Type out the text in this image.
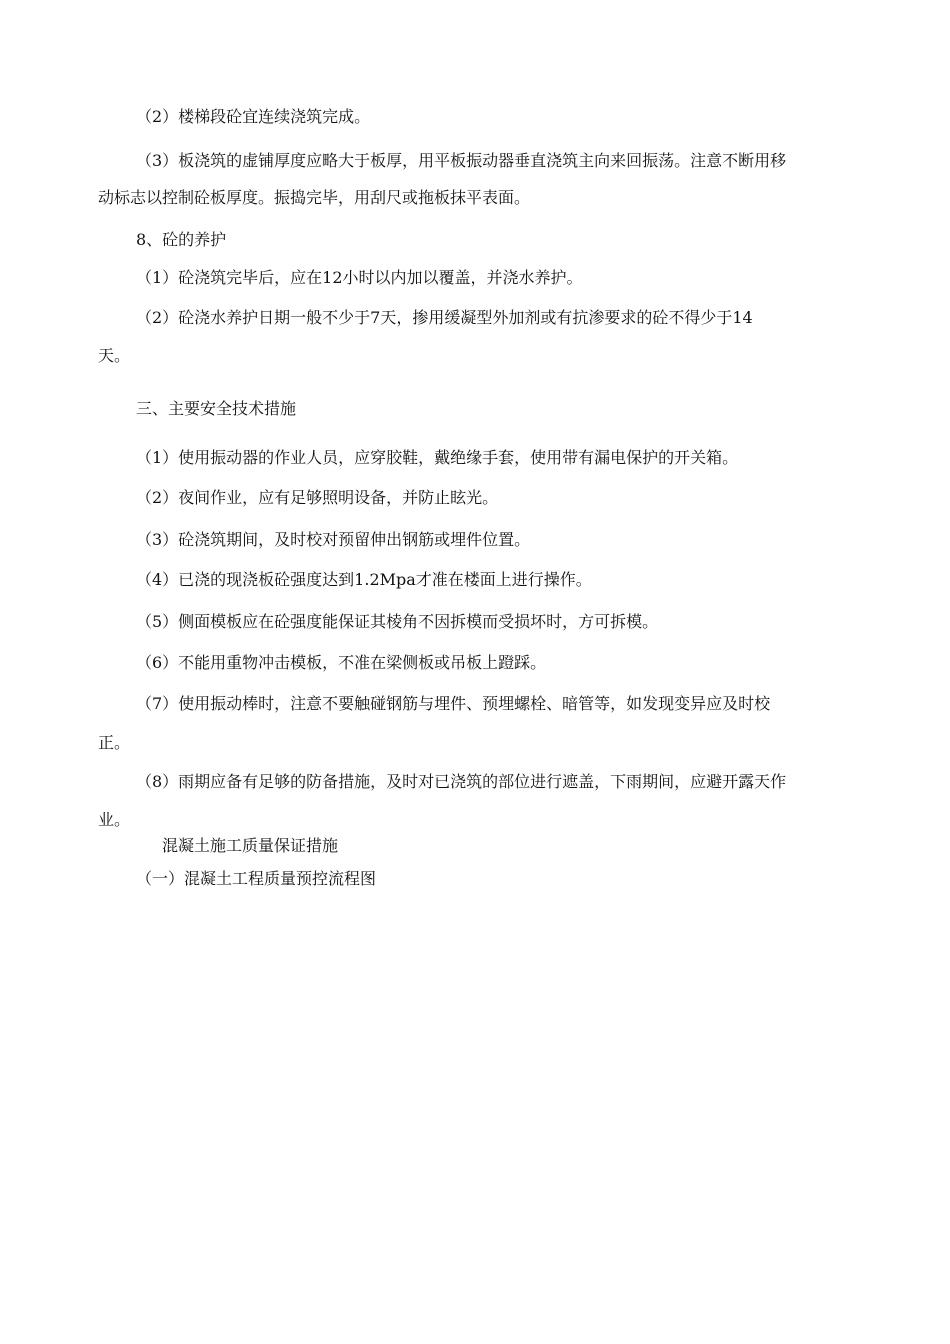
（2）楼梯段砼宜连续浇筑完成。
（3）板浇筑的虚铺厚度应略大于板厚，用平板振动器垂直浇筑主向来回振荡。注意不断用移
动标志以控制砼板厚度。振捣完毕，用刮尺或拖板抹平表面。
8、砼的养护
（1）砼浇筑完毕后，应在12小时以内加以覆盖，并浇水养护。
（2）砼浇水养护日期一般不少于7天，掺用缓凝型外加剂或有抗渗要求的砼不得少于14
天。
三、主要安全技术措施
（1）使用振动器的作业人员，应穿胶鞋，戴绝缘手套，使用带有漏电保护的开关箱。
（2）夜间作业，应有足够照明设备，并防止眩光。
（3）砼浇筑期间，及时校对预留伸出钢筋或埋件位置。
（4）已浇的现浇板砼强度达到1.2Mpa才准在楼面上进行操作。
（5）侧面模板应在砼强度能保证其棱角不因拆模而受损坏时，方可拆模。
（6）不能用重物冲击模板，不准在梁侧板或吊板上蹬踩。
（7）使用振动棒时，注意不要触碰钢筋与埋件、预埋螺栓、暗管等，如发现变异应及时校
正。
（8）雨期应备有足够的防备措施，及时对已浇筑的部位进行遮盖，下雨期间，应避开露天作
业。
混凝土施工质量保证措施
（一）混凝土工程质量预控流程图
